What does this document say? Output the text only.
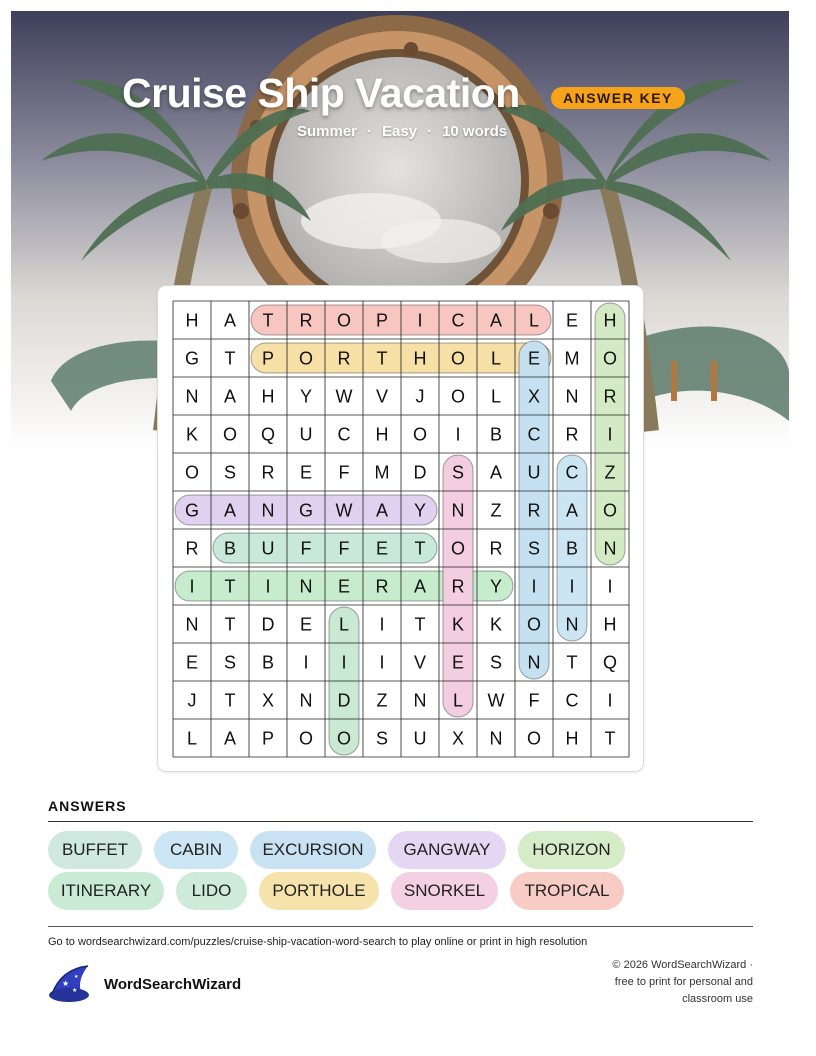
Cruise Ship Vacation	ANSWER KEY
Summer · Easy · 10 words
H A T R O P I C A L E H
G T P O R T H O L E M O
N A H Y W V J O L X N R
K O Q U C H O I B C R I
O S R E F M D S A U C Z
G A N G W A Y N Z R A O
R B U F F E T O R S B N
I T I N E R A R Y I I I
N T D E L I T K K O N H
E S B I I I V E S N T Q
J T X N D Z N L W F C I
L A P O O S U X N O H T
ANSWERS
BUFFET	CABIN	EXCURSION	GANGWAY	HORIZON
ITINERARY	LIDO	PORTHOLE	SNORKEL	TROPICAL
Go to wordsearchwizard.com/puzzles/cruise-ship-vacation-word-search to play online or print in high resolution
★
★
★ WordSearchWizard
© 2026 WordSearchWizard ·
free to print for personal and
classroom use
